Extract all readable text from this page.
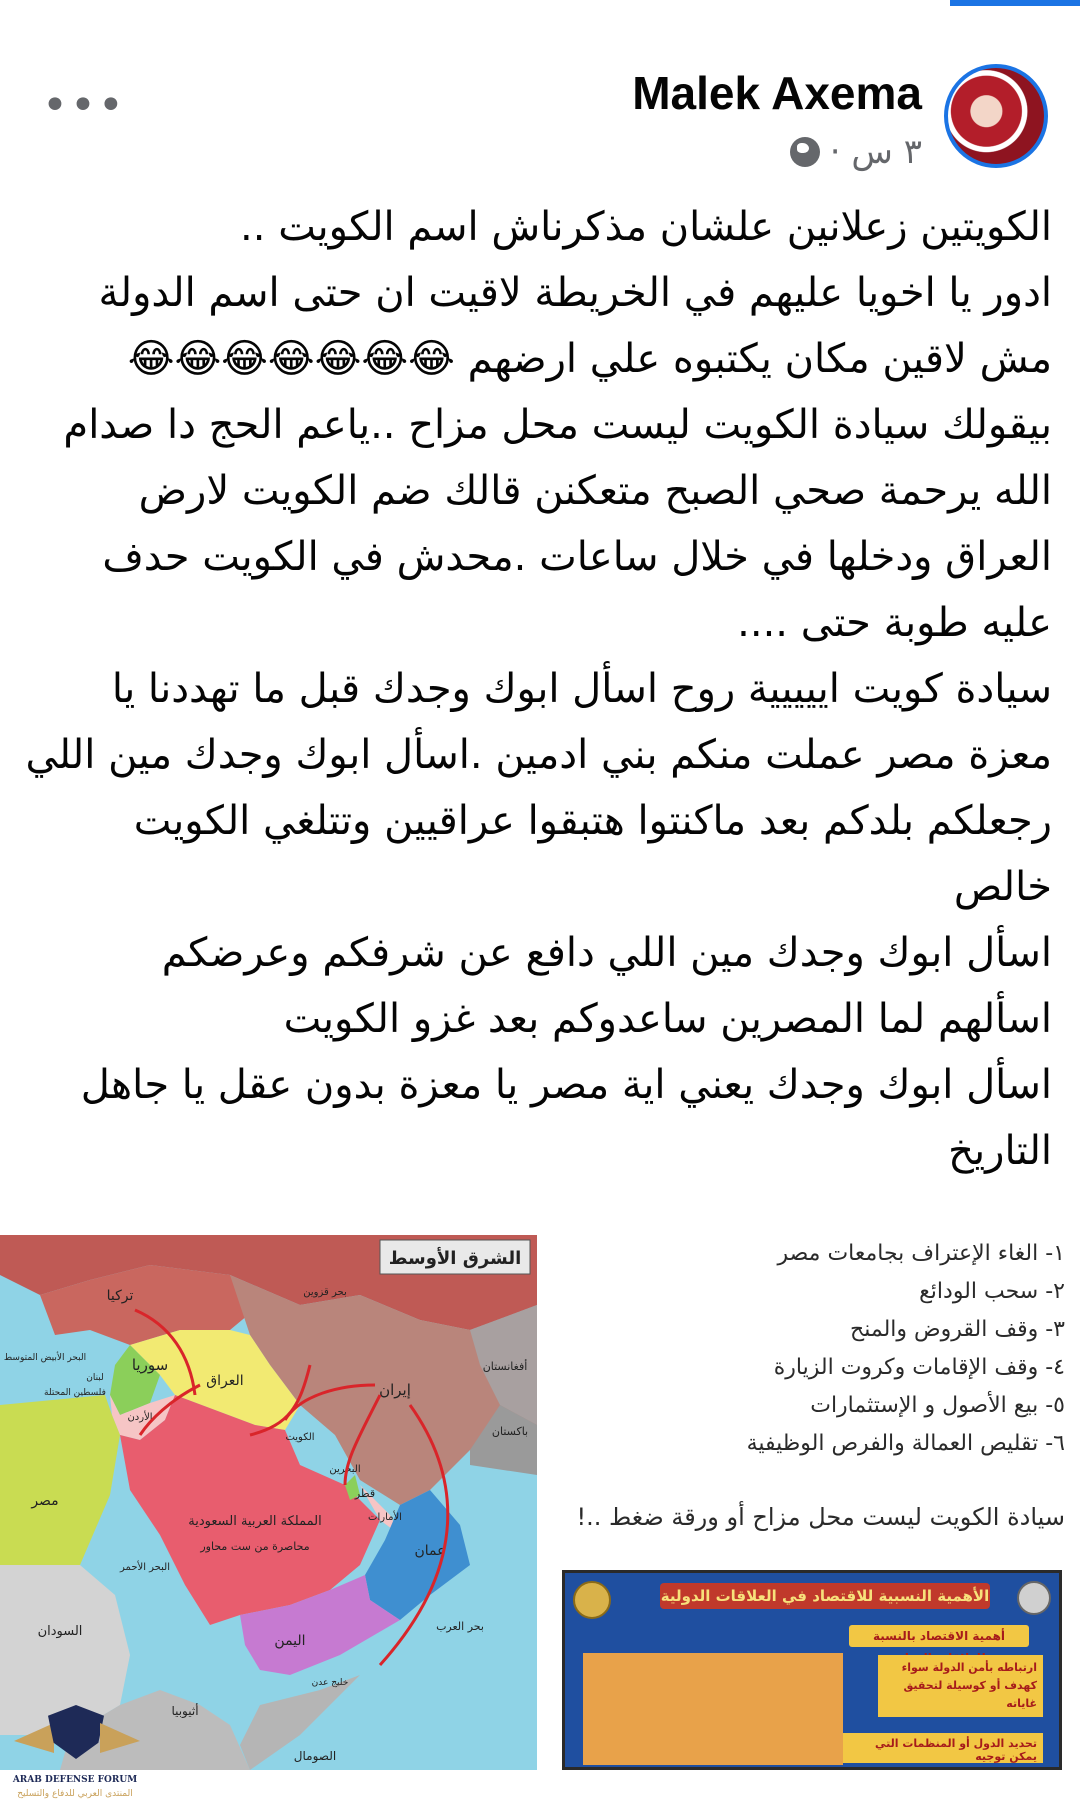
•••	Malek Axema
٣ س ·
الكويتين زعلانين علشان مذكرناش اسم الكويت ..
ادور يا اخويا عليهم في الخريطة لاقيت ان حتى اسم الدولة
مش لاقين مكان يكتبوه علي ارضهم 😂😂😂😂😂😂😂
بيقولك سيادة الكويت ليست محل مزاح ..ياعم الحج دا صدام
الله يرحمة صحي الصبح متعكنن قالك ضم الكويت لارض
العراق ودخلها في خلال ساعات .محدش في الكويت حدف
عليه طوبة حتى ....
سيادة كويت اييييية روح اسأل ابوك وجدك قبل ما تهددنا يا
معزة مصر عملت منكم بني ادمين .اسأل ابوك وجدك مين اللي
رجعلكم بلدكم بعد ماكنتوا هتبقوا عراقيين وتتلغي الكويت
خالص
اسأل ابوك وجدك مين اللي دافع عن شرفكم وعرضكم
اسألهم لما المصرين ساعدوكم بعد غزو الكويت
اسأل ابوك وجدك يعني اية مصر يا معزة بدون عقل يا جاهل
التاريخ
الشرق الأوسط
تركيا
سوريا
لبنان
فلسطين المحتلة
الأردن
العراق	إيران
الكويت
البحرين
قطر
الأمارات
عمان
اليمن
المملكة العربية السعودية
محاصرة من ست محاور
مصر
السودان
أثيوبيا
الصومال
أفغانستان
باكستان
بحر قزوين
البحر الأبيض المتوسط
بحر العرب
البحر الأحمر
خليج عدن
١- الغاء الإعتراف بجامعات مصر
٢- سحب الودائع
٣- وقف القروض والمنح
٤- وقف الإقامات وكروت الزيارة
٥- بيع الأصول و الإستثمارات
٦- تقليص العمالة والفرص الوظيفية
سيادة الكويت ليست محل مزاح أو ورقة ضغط ..!
الأهمية النسبية للاقتصاد في العلاقات الدولية
أهمية الاقتصاد بالنسبة
ارتباطه بأمن الدولة سواء كهدف أو كوسيلة لتحقيق غاياته
تحديد الدول أو المنظمات التي يمكن توجيه
ARAB DEFENSE FORUM
المنتدى العربي للدفاع والتسليح
